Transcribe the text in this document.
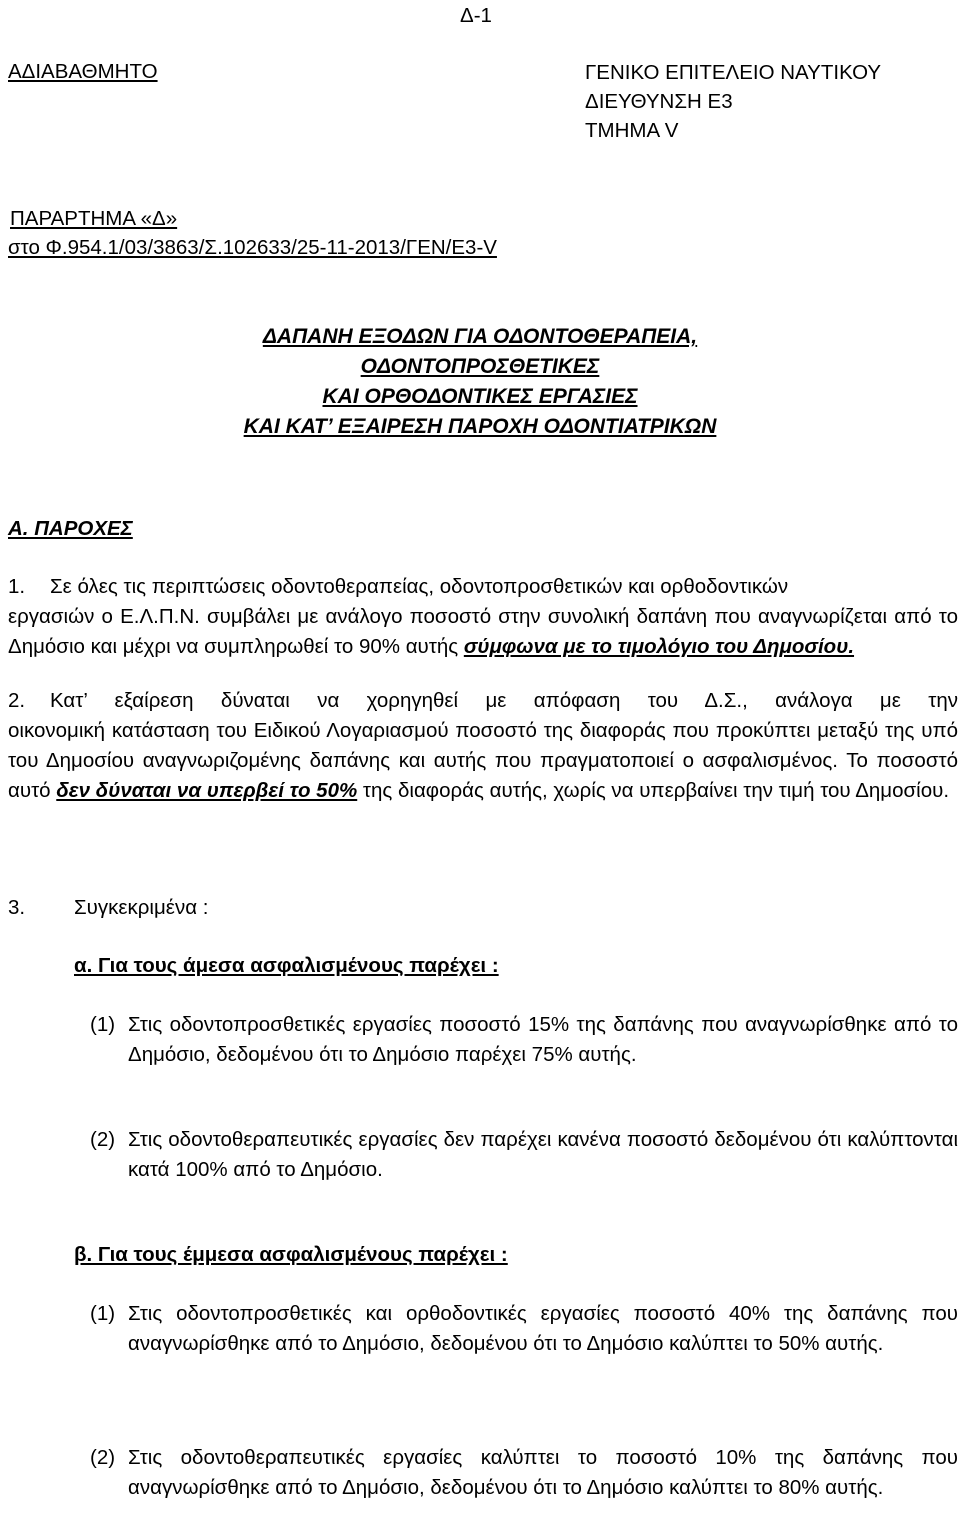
Δ-1
ΑΔΙΑΒΑΘΜΗΤΟ	ΓΕΝΙΚΟ ΕΠΙΤΕΛΕΙΟ ΝΑΥΤΙΚΟΥ
ΔΙΕΥΘΥΝΣΗ Ε3
ΤΜΗΜΑ V
ΠΑΡΑΡΤΗΜΑ «Δ»
στο Φ.954.1/03/3863/Σ.102633/25-11-2013/ΓΕΝ/Ε3-V
ΔΑΠΑΝΗ ΕΞΟΔΩΝ ΓΙΑ ΟΔΟΝΤΟΘΕΡΑΠΕΙΑ,
ΟΔΟΝΤΟΠΡΟΣΘΕΤΙΚΕΣ
ΚΑΙ ΟΡΘΟΔΟΝΤΙΚΕΣ ΕΡΓΑΣΙΕΣ
ΚΑΙ ΚΑΤ’ ΕΞΑΙΡΕΣΗ ΠΑΡΟΧΗ ΟΔΟΝΤΙΑΤΡΙΚΩΝ
Α. ΠΑΡΟΧΕΣ
1. Σε όλες τις περιπτώσεις οδοντοθεραπείας, οδοντοπροσθετικών και ορθοδοντικών
εργασιών ο Ε.Λ.Π.Ν. συμβάλει με ανάλογο ποσοστό στην συνολική δαπάνη που αναγνωρίζεται από το Δημόσιο και μέχρι να συμπληρωθεί το 90% αυτής σύμφωνα με το τιμολόγιο του Δημοσίου.
2. Κατ’ εξαίρεση δύναται να χορηγηθεί με απόφαση του Δ.Σ., ανάλογα με την
οικονομική κατάσταση του Ειδικού Λογαριασμού ποσοστό της διαφοράς που προκύπτει μεταξύ της υπό του Δημοσίου αναγνωριζομένης δαπάνης και αυτής που πραγματοποιεί ο ασφαλισμένος. Το ποσοστό αυτό δεν δύναται να υπερβεί το 50% της διαφοράς αυτής, χωρίς να υπερβαίνει την τιμή του Δημοσίου.
3. Συγκεκριμένα :
α. Για τους άμεσα ασφαλισμένους παρέχει :
(1) Στις οδοντοπροσθετικές εργασίες ποσοστό 15% της δαπάνης που αναγνωρίσθηκε από το Δημόσιο, δεδομένου ότι το Δημόσιο παρέχει 75% αυτής.
(2) Στις οδοντοθεραπευτικές εργασίες δεν παρέχει κανένα ποσοστό δεδομένου ότι καλύπτονται κατά 100% από το Δημόσιο.
β. Για τους έμμεσα ασφαλισμένους παρέχει :
(1) Στις οδοντοπροσθετικές και ορθοδοντικές εργασίες ποσοστό 40% της δαπάνης που αναγνωρίσθηκε από το Δημόσιο, δεδομένου ότι το Δημόσιο καλύπτει το 50% αυτής.
(2) Στις οδοντοθεραπευτικές εργασίες καλύπτει το ποσοστό 10% της δαπάνης που αναγνωρίσθηκε από το Δημόσιο, δεδομένου ότι το Δημόσιο καλύπτει το 80% αυτής.
